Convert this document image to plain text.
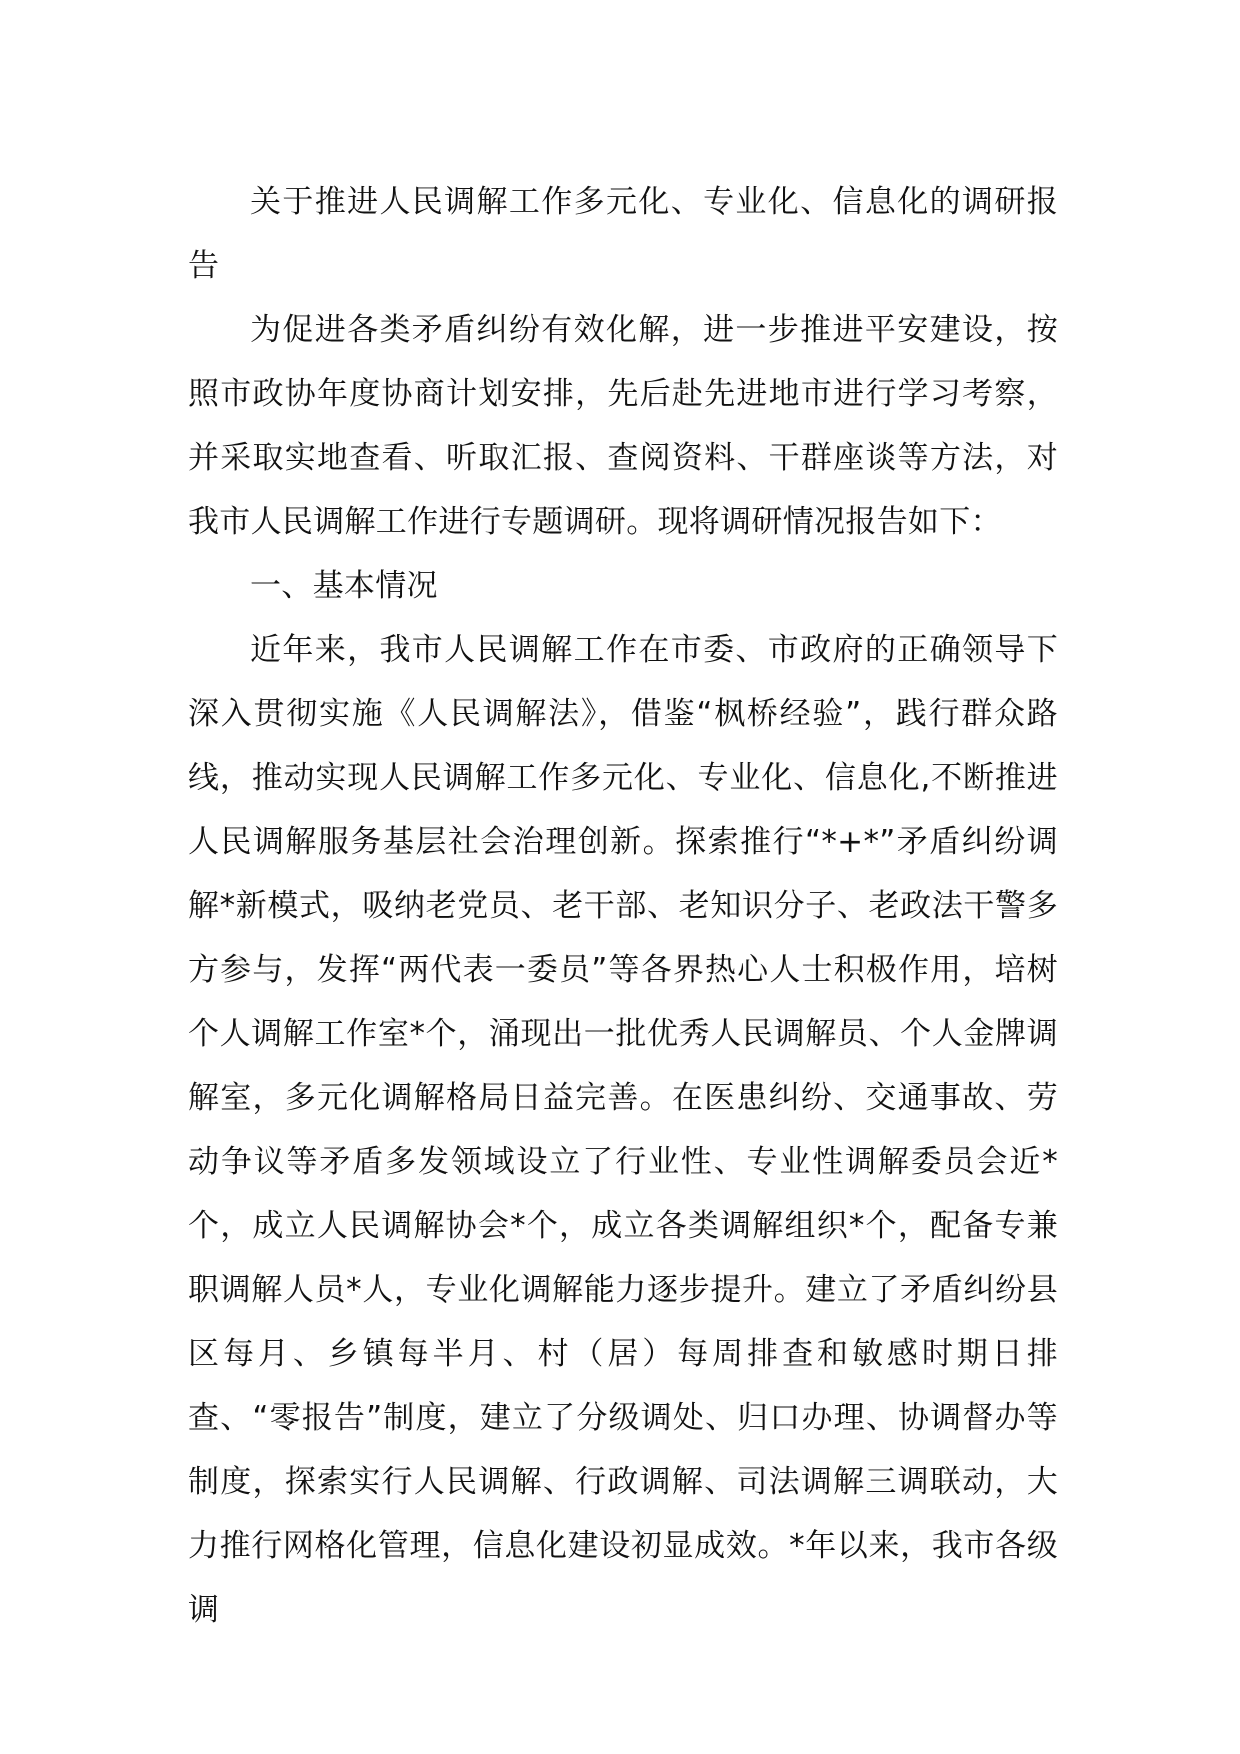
关于推进人民调解工作多元化、专业化、信息化的调研报告

为促进各类矛盾纠纷有效化解，进一步推进平安建设，按照市政协年度协商计划安排，先后赴先进地市进行学习考察，并采取实地查看、听取汇报、查阅资料、干群座谈等方法，对我市人民调解工作进行专题调研。现将调研情况报告如下：

一、基本情况

近年来，我市人民调解工作在市委、市政府的正确领导下深入贯彻实施《人民调解法》，借鉴“枫桥经验”，践行群众路线，推动实现人民调解工作多元化、专业化、信息化,不断推进人民调解服务基层社会治理创新。探索推行“*+*”矛盾纠纷调解*新模式，吸纳老党员、老干部、老知识分子、老政法干警多方参与，发挥“两代表一委员”等各界热心人士积极作用，培树个人调解工作室*个，涌现出一批优秀人民调解员、个人金牌调解室，多元化调解格局日益完善。在医患纠纷、交通事故、劳动争议等矛盾多发领域设立了行业性、专业性调解委员会近*个，成立人民调解协会*个，成立各类调解组织*个，配备专兼职调解人员*人，专业化调解能力逐步提升。建立了矛盾纠纷县区每月、乡镇每半月、村（居）每周排查和敏感时期日排查、“零报告”制度，建立了分级调处、归口办理、协调督办等制度，探索实行人民调解、行政调解、司法调解三调联动，大力推行网格化管理，信息化建设初显成效。*年以来，我市各级调
